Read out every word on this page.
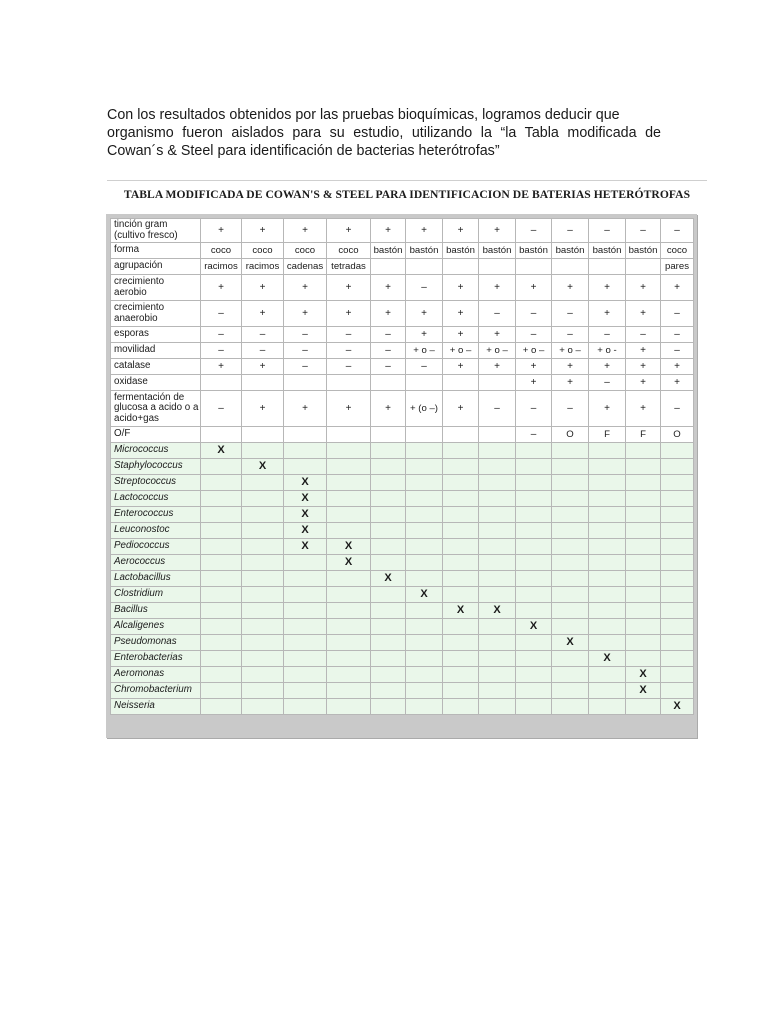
Con los resultados obtenidos por las pruebas bioquímicas, logramos deducir que

organismo fueron aislados para su estudio, utilizando la “la Tabla modificada de

Cowan´s & Steel para identificación de bacterias heterótrofas”

TABLA MODIFICADA DE COWAN'S & STEEL PARA IDENTIFICACION DE BATERIAS HETERÓTROFAS
tinción gram (cultivo fresco)	+	+	+	+	+	+	+	+	–	–	–	–	–
forma	coco	coco	coco	coco	bastón	bastón	bastón	bastón	bastón	bastón	bastón	bastón	coco
agrupación	racimos	racimos	cadenas	tetradas									pares
crecimiento aerobio	+	+	+	+	+	–	+	+	+	+	+	+	+
crecimiento anaerobio	–	+	+	+	+	+	+	–	–	–	+	+	–
esporas	–	–	–	–	–	+	+	+	–	–	–	–	–
movilidad	–	–	–	–	–	+ o –	+ o –	+ o –	+ o –	+ o –	+ o -	+	–
catalase	+	+	–	–	–	–	+	+	+	+	+	+	+
oxidase									+	+	–	+	+
fermentación de glucosa a acido o a acido+gas	–	+	+	+	+	+ (o –)	+	–	–	–	+	+	–
O/F									–	O	F	F	O
Micrococcus	X												
Staphylococcus		X											
Streptococcus			X										
Lactococcus			X										
Enterococcus			X										
Leuconostoc			X										
Pediococcus			X	X									
Aerococcus				X									
Lactobacillus					X								
Clostridium						X							
Bacillus							X	X					
Alcaligenes									X				
Pseudomonas										X			
Enterobacterias											X		
Aeromonas												X	
Chromobacterium												X	
Neisseria													X
